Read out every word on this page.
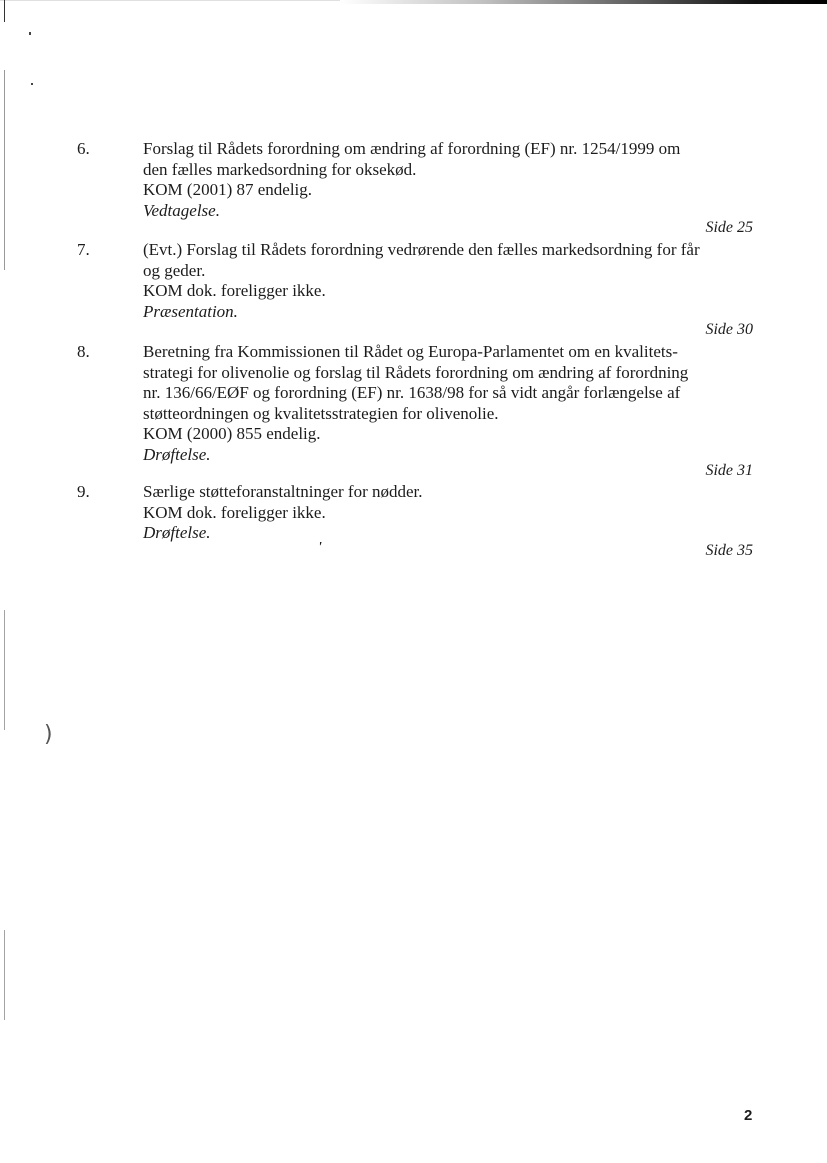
)
'
6.	Forslag til Rådets forordning om ændring af forordning (EF) nr. 1254/1999 om
den fælles markedsordning for oksekød.
KOM (2001) 87 endelig.
Vedtagelse.
Side 25
7.	(Evt.) Forslag til Rådets forordning vedrørende den fælles markedsordning for får
og geder.
KOM dok. foreligger ikke.
Præsentation.
Side 30
8.	Beretning fra Kommissionen til Rådet og Europa-Parlamentet om en kvalitets-
strategi for olivenolie og forslag til Rådets forordning om ændring af forordning
nr. 136/66/EØF og forordning (EF) nr. 1638/98 for så vidt angår forlængelse af
støtteordningen og kvalitetsstrategien for olivenolie.
KOM (2000) 855 endelig.
Drøftelse.
Side 31
9.	Særlige støtteforanstaltninger for nødder.
KOM dok. foreligger ikke.
Drøftelse.
Side 35
2
